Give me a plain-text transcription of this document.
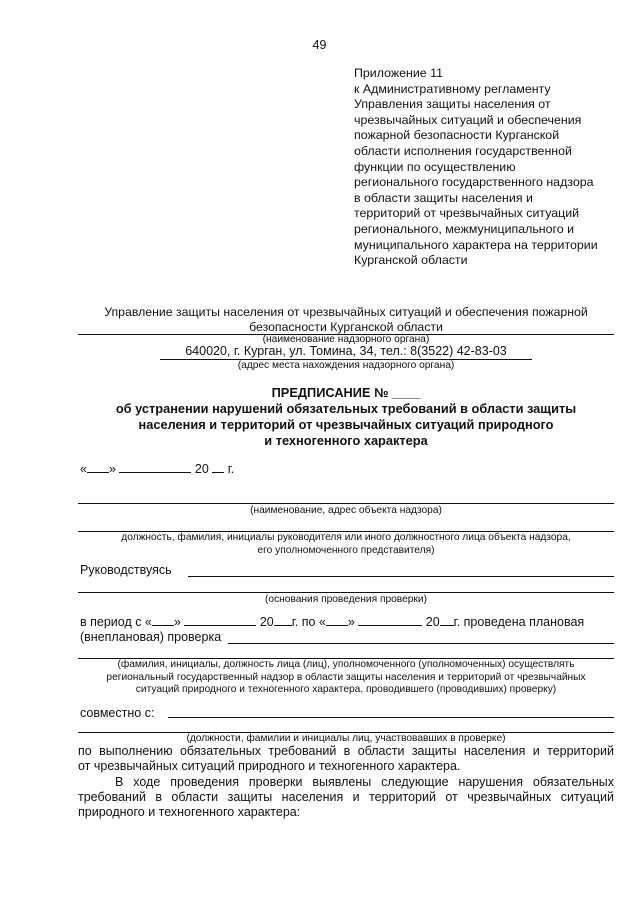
49
Приложение 11
к Административному регламенту
Управления защиты населения от
чрезвычайных ситуаций и обеспечения
пожарной безопасности Курганской
области исполнения государственной
функции по осуществлению
регионального государственного надзора
в области защиты населения и
территорий от чрезвычайных ситуаций
регионального, межмуниципального и
муниципального характера на территории
Курганской области
Управление защиты населения от чрезвычайных ситуаций и обеспечения пожарной
безопасности Курганской области
(наименование надзорного органа)
640020, г. Курган, ул. Томина, 34, тел.: 8(3522) 42-83-03
(адрес места нахождения надзорного органа)
ПРЕДПИСАНИЕ № ____
об устранении нарушений обязательных требований в области защиты
населения и территорий от чрезвычайных ситуаций природного
и техногенного характера
« »	20 г.
(наименование, адрес объекта надзора)
должность, фамилия, инициалы руководителя или иного должностного лица объекта надзора,
его уполномоченного представителя)
Руководствуясь
(основания проведения проверки)
в период с « »	20 г. по « »	20 г. проведена плановая
(внеплановая) проверка
(фамилия, инициалы, должность лица (лиц), уполномоченного (уполномоченных) осуществлять
региональный государственный надзор в области защиты населения и территорий от чрезвычайных
ситуаций природного и техногенного характера, проводившего (проводивших) проверку)
совместно с:
(должности, фамилии и инициалы лиц, участвовавших в проверке)
по выполнению обязательных требований в области защиты населения и территорий
от чрезвычайных ситуаций природного и техногенного характера.
В ходе проведения проверки выявлены следующие нарушения обязательных
требований в области защиты населения и территорий от чрезвычайных ситуаций
природного и техногенного характера:
